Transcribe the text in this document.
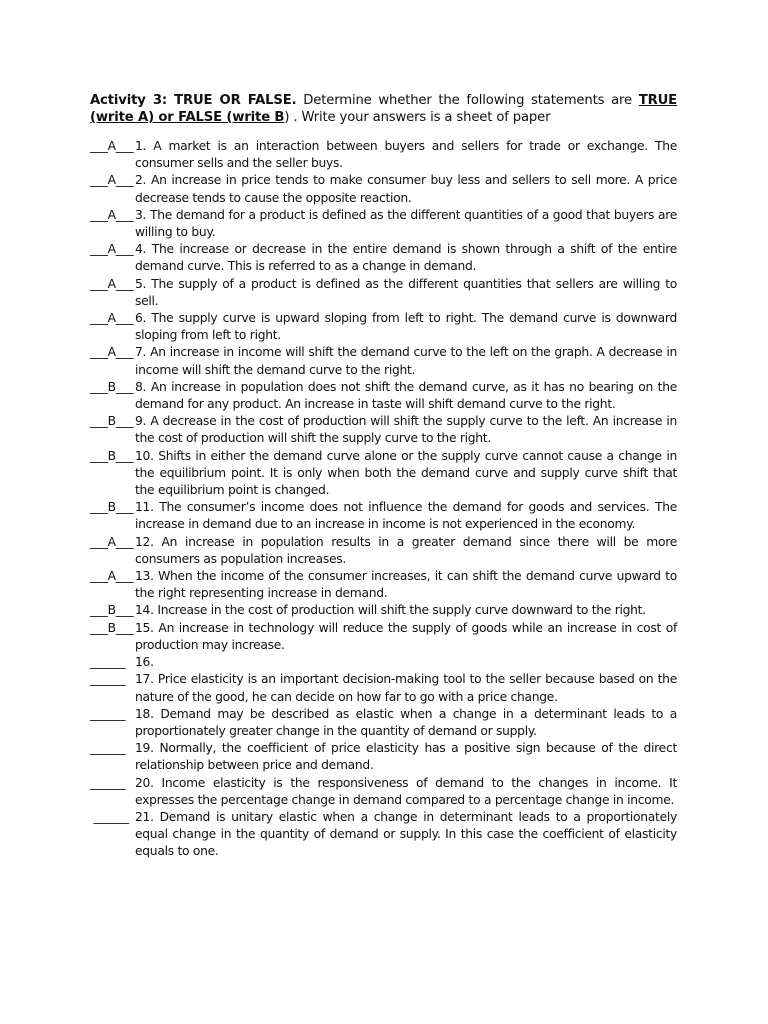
Activity 3: TRUE OR FALSE. Determine whether the following statements are TRUE (write A) or FALSE (write B) . Write your answers is a sheet of paper
___A___ 1. A market is an interaction between buyers and sellers for trade or exchange. The consumer sells and the seller buys.
___A___ 2. An increase in price tends to make consumer buy less and sellers to sell more. A price decrease tends to cause the opposite reaction.
___A___ 3. The demand for a product is defined as the different quantities of a good that buyers are willing to buy.
___A___ 4. The increase or decrease in the entire demand is shown through a shift of the entire demand curve. This is referred to as a change in demand.
___A___ 5. The supply of a product is defined as the different quantities that sellers are willing to sell.
___A___ 6. The supply curve is upward sloping from left to right. The demand curve is downward sloping from left to right.
___A___ 7. An increase in income will shift the demand curve to the left on the graph. A decrease in income will shift the demand curve to the right.
___B___ 8. An increase in population does not shift the demand curve, as it has no bearing on the demand for any product. An increase in taste will shift demand curve to the right.
___B___ 9. A decrease in the cost of production will shift the supply curve to the left. An increase in the cost of production will shift the supply curve to the right.
___B___ 10. Shifts in either the demand curve alone or the supply curve cannot cause a change in the equilibrium point. It is only when both the demand curve and supply curve shift that the equilibrium point is changed.
___B___ 11. The consumer’s income does not influence the demand for goods and services. The increase in demand due to an increase in income is not experienced in the economy.
___A___ 12. An increase in population results in a greater demand since there will be more consumers as population increases.
___A___ 13. When the income of the consumer increases, it can shift the demand curve upward to the right representing increase in demand.
___B___ 14. Increase in the cost of production will shift the supply curve downward to the right.
___B___ 15. An increase in technology will reduce the supply of goods while an increase in cost of production may increase.
______ 16.
______ 17. Price elasticity is an important decision-making tool to the seller because based on the nature of the good, he can decide on how far to go with a price change.
______ 18. Demand may be described as elastic when a change in a determinant leads to a proportionately greater change in the quantity of demand or supply.
______ 19. Normally, the coefficient of price elasticity has a positive sign because of the direct relationship between price and demand.
______ 20. Income elasticity is the responsiveness of demand to the changes in income. It expresses the percentage change in demand compared to a percentage change in income.
______ 21. Demand is unitary elastic when a change in determinant leads to a proportionately equal change in the quantity of demand or supply. In this case the coefficient of elasticity equals to one.
